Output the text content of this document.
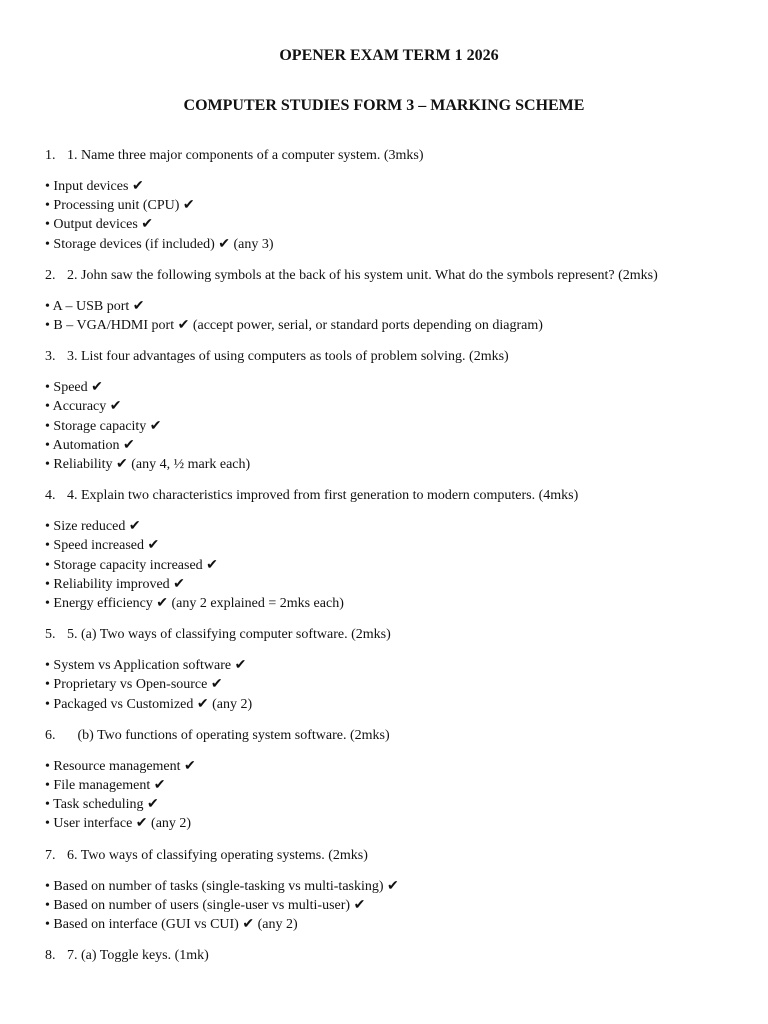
OPENER EXAM TERM 1 2026

COMPUTER STUDIES FORM 3 – MARKING SCHEME

1. 1. Name three major components of a computer system. (3mks)
• Input devices ✔
• Processing unit (CPU) ✔
• Output devices ✔
• Storage devices (if included) ✔ (any 3)
2. 2. John saw the following symbols at the back of his system unit. What do the symbols represent? (2mks)
• A – USB port ✔
• B – VGA/HDMI port ✔ (accept power, serial, or standard ports depending on diagram)
3. 3. List four advantages of using computers as tools of problem solving. (2mks)
• Speed ✔
• Accuracy ✔
• Storage capacity ✔
• Automation ✔
• Reliability ✔ (any 4, ½ mark each)
4. 4. Explain two characteristics improved from first generation to modern computers. (4mks)
• Size reduced ✔
• Speed increased ✔
• Storage capacity increased ✔
• Reliability improved ✔
• Energy efficiency ✔ (any 2 explained = 2mks each)
5. 5. (a) Two ways of classifying computer software. (2mks)
• System vs Application software ✔
• Proprietary vs Open-source ✔
• Packaged vs Customized ✔ (any 2)
6. (b) Two functions of operating system software. (2mks)
• Resource management ✔
• File management ✔
• Task scheduling ✔
• User interface ✔ (any 2)
7. 6. Two ways of classifying operating systems. (2mks)
• Based on number of tasks (single-tasking vs multi-tasking) ✔
• Based on number of users (single-user vs multi-user) ✔
• Based on interface (GUI vs CUI) ✔ (any 2)
8. 7. (a) Toggle keys. (1mk)
